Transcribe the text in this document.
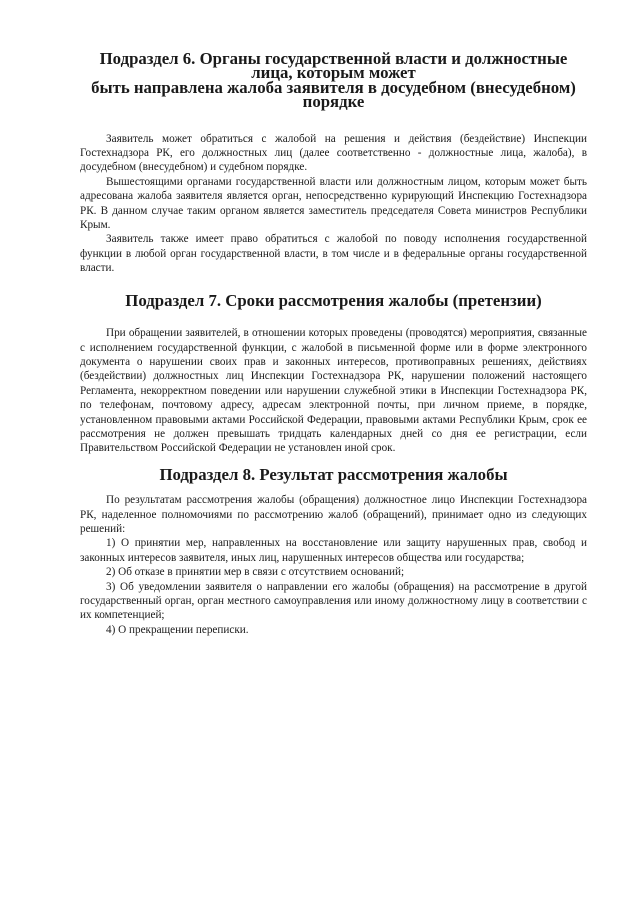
Подраздел 6. Органы государственной власти и должностные лица, которым может
быть направлена жалоба заявителя в досудебном (внесудебном) порядке

Заявитель может обратиться с жалобой на решения и действия (бездействие) Инспекции Гостехнадзора РК, его должностных лиц (далее соответственно - должностные лица, жалоба), в досудебном (внесудебном) и судебном порядке.

Вышестоящими органами государственной власти или должностным лицом, которым может быть адресована жалоба заявителя является орган, непосредственно курирующий Инспекцию Гостехнадзора РК. В данном случае таким органом является заместитель председателя Совета министров Республики Крым.

Заявитель также имеет право обратиться с жалобой по поводу исполнения государственной функции в любой орган государственной власти, в том числе и в федеральные органы государственной власти.

Подраздел 7. Сроки рассмотрения жалобы (претензии)

При обращении заявителей, в отношении которых проведены (проводятся) мероприятия, связанные с исполнением государственной функции, с жалобой в письменной форме или в форме электронного документа о нарушении своих прав и законных интересов, противоправных решениях, действиях (бездействии) должностных лиц Инспекции Гостехнадзора РК, нарушении положений настоящего Регламента, некорректном поведении или нарушении служебной этики в Инспекции Гостехнадзора РК, по телефонам, почтовому адресу, адресам электронной почты, при личном приеме, в порядке, установленном правовыми актами Российской Федерации, правовыми актами Республики Крым, срок ее рассмотрения не должен превышать тридцать календарных дней со дня ее регистрации, если Правительством Российской Федерации не установлен иной срок.

Подраздел 8. Результат рассмотрения жалобы

По результатам рассмотрения жалобы (обращения) должностное лицо Инспекции Гостехнадзора РК, наделенное полномочиями по рассмотрению жалоб (обращений), принимает одно из следующих решений:

1) О принятии мер, направленных на восстановление или защиту нарушенных прав, свобод и законных интересов заявителя, иных лиц, нарушенных интересов общества или государства;

2) Об отказе в принятии мер в связи с отсутствием оснований;

3) Об уведомлении заявителя о направлении его жалобы (обращения) на рассмотрение в другой государственный орган, орган местного самоуправления или иному должностному лицу в соответствии с их компетенцией;

4) О прекращении переписки.
